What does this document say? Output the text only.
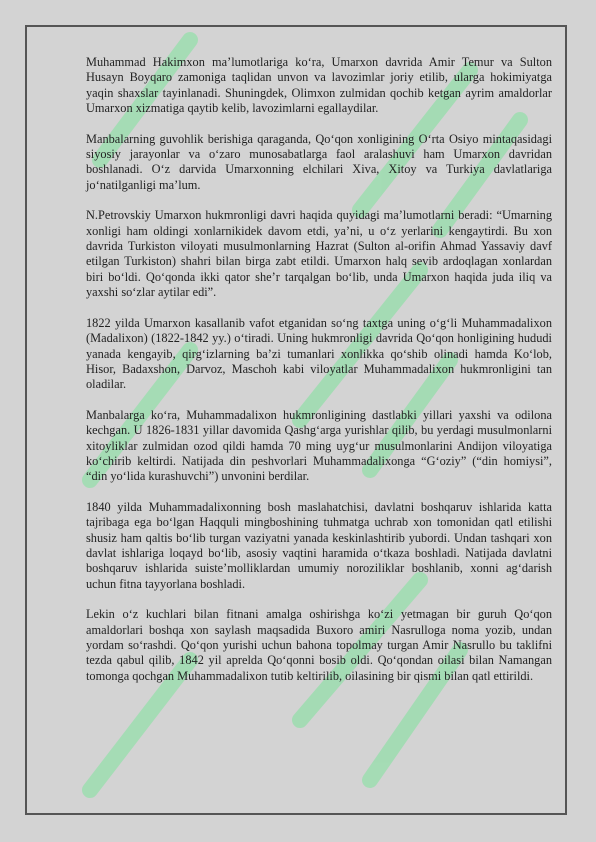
Muhammad Hakimxon ma’lumotlariga ko‘ra, Umarxon davrida Amir Temur va Sulton Husayn Boyqaro zamoniga taqlidan unvon va lavozimlar joriy etilib, ularga hokimiyatga yaqin shaxslar tayinlanadi. Shuningdek, Olimxon zulmidan qochib ketgan ayrim amaldorlar Umarxon xizmatiga qaytib kelib, lavozimlarni egallaydilar.

Manbalarning guvohlik berishiga qaraganda, Qo‘qon xonligining O‘rta Osiyo mintaqasidagi siyosiy jarayonlar va o‘zaro munosabatlarga faol aralashuvi ham Umarxon davridan boshlanadi. O‘z darvida Umarxonning elchilari Xiva, Xitoy va Turkiya davlatlariga jo‘natilganligi ma’lum.

N.Petrovskiy Umarxon hukmronligi davri haqida quyidagi ma’lumotlarni beradi: “Umarning xonligi ham oldingi xonlarnikidek davom etdi, ya’ni, u o‘z yerlarini kengaytirdi. Bu xon davrida Turkiston viloyati musulmonlarning Hazrat (Sulton al-orifin Ahmad Yassaviy davf etilgan Turkiston) shahri bilan birga zabt etildi. Umarxon halq sevib ardoqlagan xonlardan biri bo‘ldi. Qo‘qonda ikki qator she’r tarqalgan bo‘lib, unda Umarxon haqida juda iliq va yaxshi so‘zlar aytilar edi”.

1822 yilda Umarxon kasallanib vafot etganidan so‘ng taxtga uning o‘g‘li Muhammadalixon (Madalixon) (1822-1842 yy.) o‘tiradi. Uning hukmronligi davrida Qo‘qon honligining hududi yanada kengayib, qirg‘izlarning ba’zi tumanlari xonlikka qo‘shib olinadi hamda Ko‘lob, Hisor, Badaxshon, Darvoz, Maschoh kabi viloyatlar Muhammadalixon hukmronligini tan oladilar.

Manbalarga ko‘ra, Muhammadalixon hukmronligining dastlabki yillari yaxshi va odilona kechgan. U 1826-1831 yillar davomida Qashg‘arga yurishlar qilib, bu yerdagi musulmonlarni xitoyliklar zulmidan ozod qildi hamda 70 ming uyg‘ur musulmonlarini Andijon viloyatiga ko‘chirib keltirdi. Natijada din peshvorlari Muhammadalixonga “G‘oziy” (“din homiysi”, “din yo‘lida kurashuvchi”) unvonini berdilar.

1840 yilda Muhammadalixonning bosh maslahatchisi, davlatni boshqaruv ishlarida katta tajribaga ega bo‘lgan Haqquli mingboshining tuhmatga uchrab xon tomonidan qatl etilishi shusiz ham qaltis bo‘lib turgan vaziyatni yanada keskinlashtirib yubordi. Undan tashqari xon davlat ishlariga loqayd bo‘lib, asosiy vaqtini haramida o‘tkaza boshladi. Natijada davlatni boshqaruv ishlarida suiste’molliklardan umumiy noroziliklar boshlanib, xonni ag‘darish uchun fitna tayyorlana boshladi.

Lekin o‘z kuchlari bilan fitnani amalga oshirishga ko‘zi yetmagan bir guruh Qo‘qon amaldorlari boshqa xon saylash maqsadida Buxoro amiri Nasrulloga noma yozib, undan yordam so‘rashdi. Qo‘qon yurishi uchun bahona topolmay turgan Amir Nasrullo bu taklifni tezda qabul qilib, 1842 yil aprelda Qo‘qonni bosib oldi. Qo‘qondan oilasi bilan Namangan tomonga qochgan Muhammadalixon tutib keltirilib, oilasining bir qismi bilan qatl ettirildi.
